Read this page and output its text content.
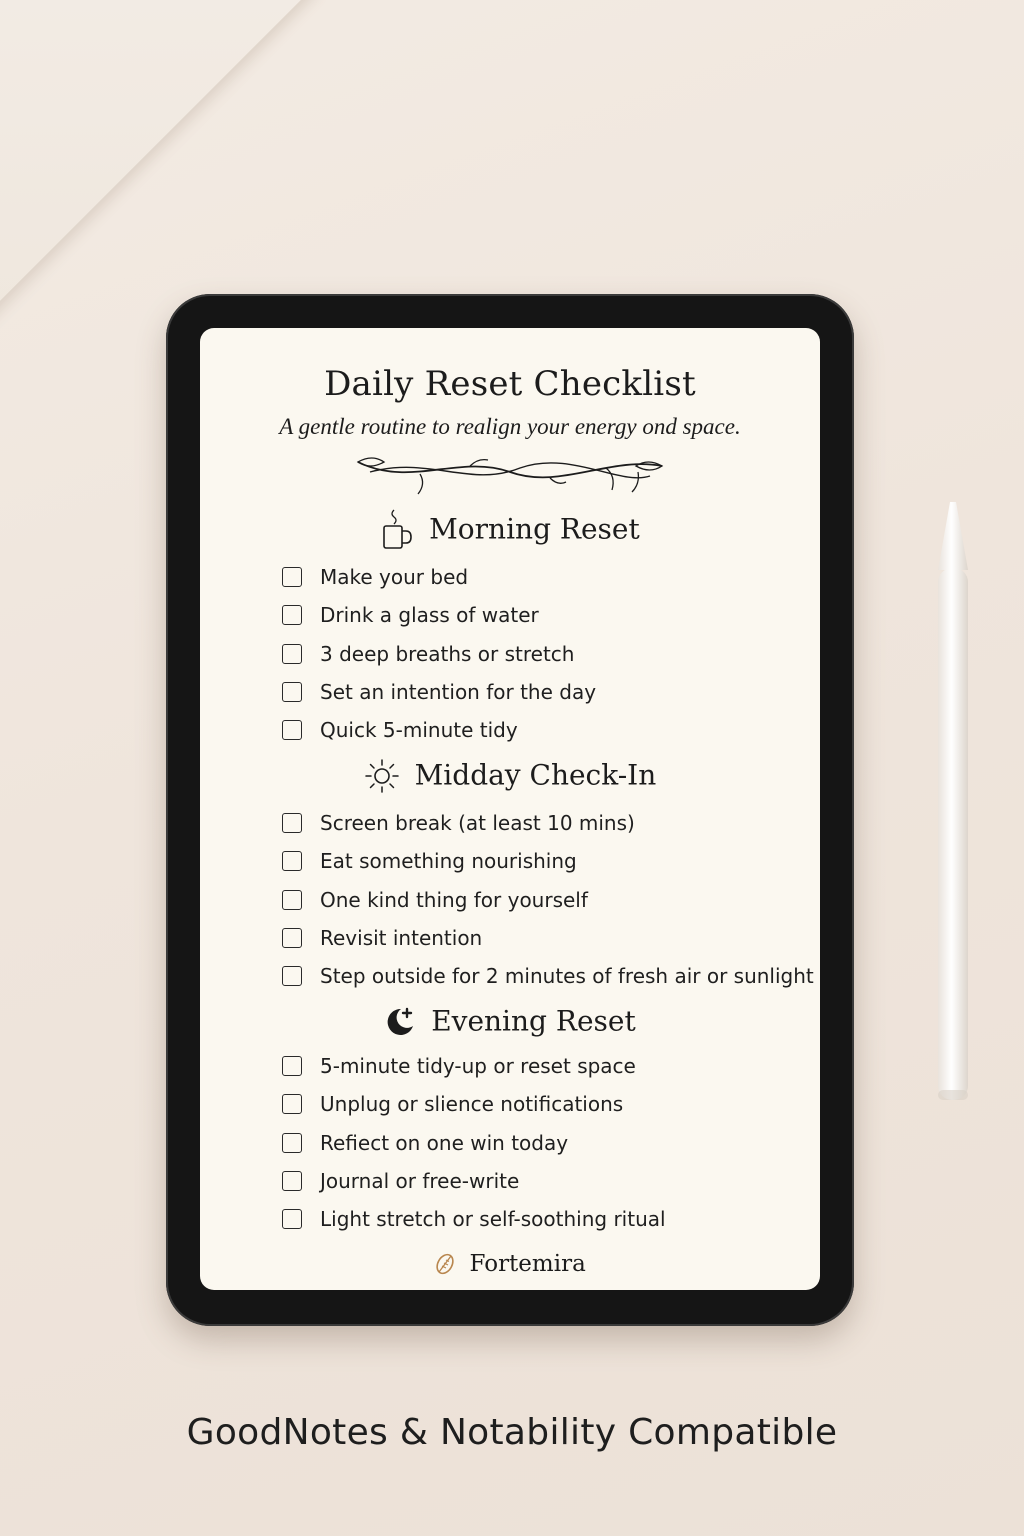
Daily Reset Checklist
A gentle routine to realign your energy ond space.
Morning Reset
Make your bed
Drink a glass of water
3 deep breaths or stretch
Set an intention for the day
Quick 5-minute tidy
Midday Check-In
Screen break (at least 10 mins)
Eat something nourishing
One kind thing for yourself
Revisit intention
Step outside for 2 minutes of fresh air or sunlight
Evening Reset
5-minute tidy-up or reset space
Unplug or slience notifications
Refiect on one win today
Journal or free-write
Light stretch or self-soothing ritual
Fortemira
GoodNotes & Notability Compatible
